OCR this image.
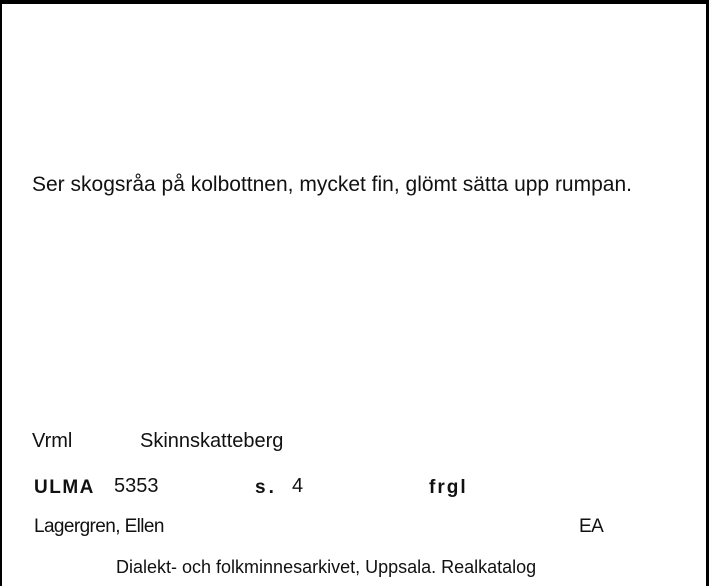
Ser skogsråa på kolbottnen, mycket fin, glömt sätta upp rumpan.
Vrml	Skinnskatteberg
ULMA 5353	s. 4	frgl
Lagergren, Ellen	EA
Dialekt- och folkminnesarkivet, Uppsala. Realkatalog
